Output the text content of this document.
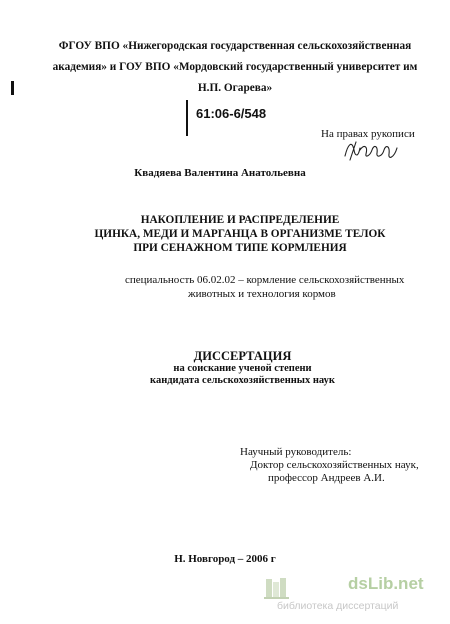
ФГОУ ВПО «Нижегородская государственная сельскохозяйственная
академия» и ГОУ ВПО «Мордовский государственный университет им
Н.П. Огарева»
61:06-6/548
На правах рукописи
Квадяева Валентина Анатольевна
НАКОПЛЕНИЕ И РАСПРЕДЕЛЕНИЕ
ЦИНКА, МЕДИ И МАРГАНЦА В ОРГАНИЗМЕ ТЕЛОК
ПРИ СЕНАЖНОМ ТИПЕ КОРМЛЕНИЯ
специальность 06.02.02 – кормление сельскохозяйственных
животных и технология кормов
ДИССЕРТАЦИЯ
на соискание ученой степени
кандидата сельскохозяйственных наук
Научный руководитель:
Доктор сельскохозяйственных наук,
профессор Андреев А.И.
Н. Новгород – 2006 г
dsLib.net
библиотека диссертаций
